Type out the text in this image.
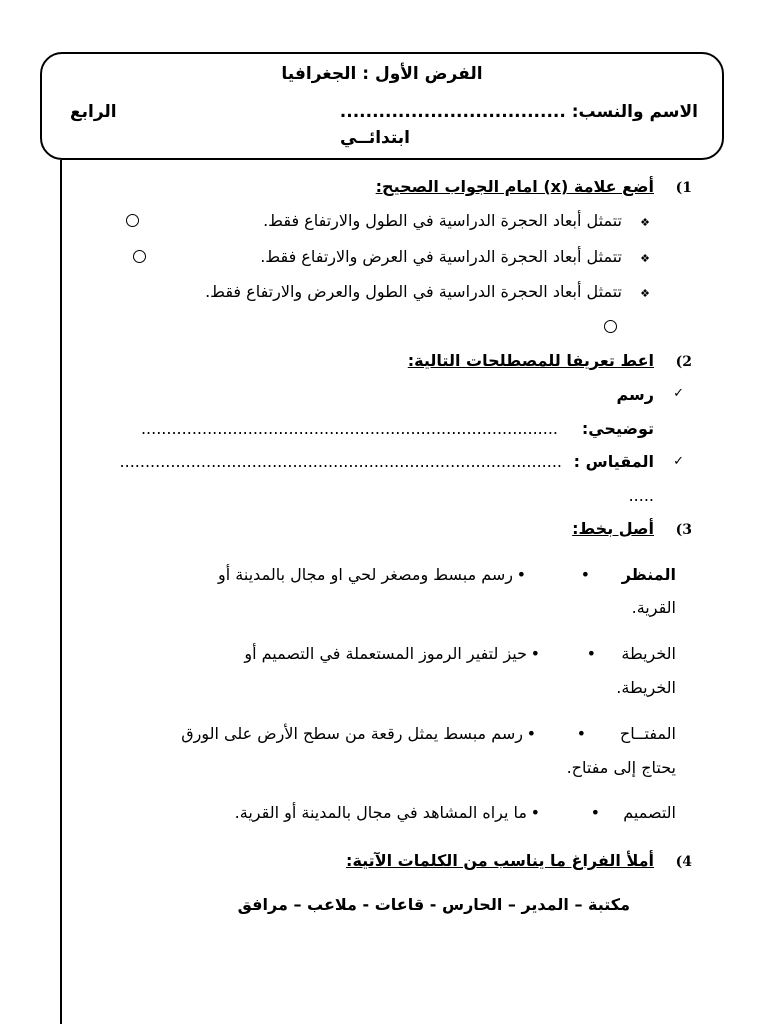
الفرض الأول : الجغرافيا
الاسم والنسب: ...................................
الرابع
ابتدائــي
1)
أضع علامة (x) امام الجواب الصحيح:
❖
تتمثل أبعاد الحجرة الدراسية في الطول والارتفاع فقط.
❖
تتمثل أبعاد الحجرة الدراسية في العرض والارتفاع فقط.
❖
تتمثل أبعاد الحجرة الدراسية في الطول والعرض والارتفاع فقط.
2)
اعط تعريفا للمصطلحات التالية:
✓
رسم
توضيحي:
..................................................................................
✓
المقياس :
.......................................................................................
.....
3)
أصل بخط:
المنظر
•
•
رسم مبسط ومصغر لحي او مجال بالمدينة أو
القرية.
الخريطة
•
•
حيز لتفير الرموز المستعملة في التصميم أو
الخريطة.
المفتــاح
•
•
رسم مبسط يمثل رقعة من سطح الأرض على الورق
يحتاج إلى مفتاح.
التصميم
•
•
ما يراه المشاهد في مجال بالمدينة أو القرية.
4)
أملأ الفراغ ما يناسب من الكلمات الآتية:
مكتبة – المدير – الحارس - قاعات - ملاعب – مرافق
